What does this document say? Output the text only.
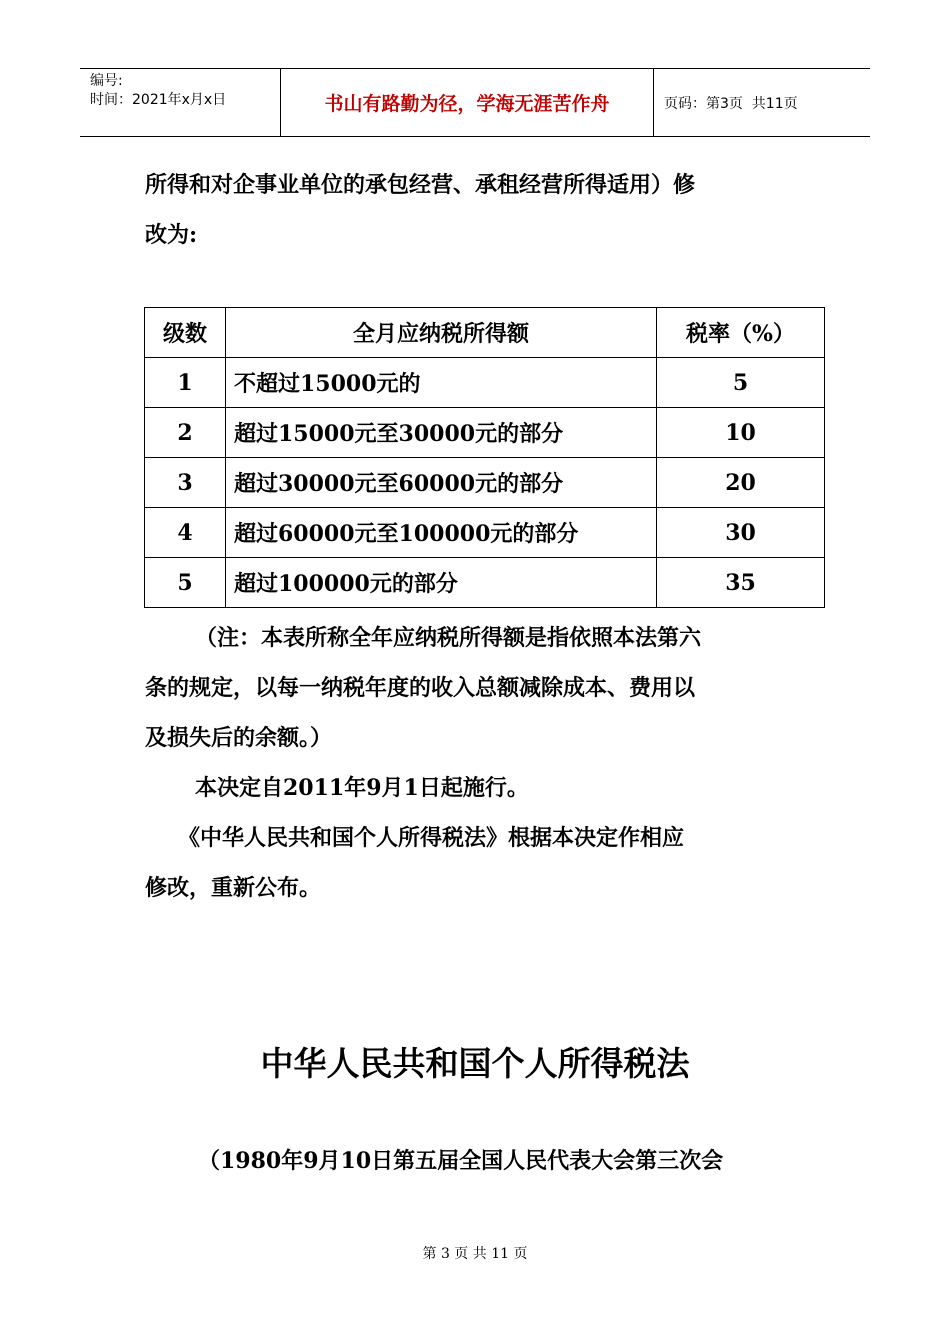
编号:
时间：2021年x月x日	书山有路勤为径，学海无涯苦作舟	页码：第3页  共11页

所得和对企事业单位的承包经营、承租经营所得适用）修

改为:

级数	全月应纳税所得额	税率（%）
1	不超过15000元的	5
2	超过15000元至30000元的部分	10
3	超过30000元至60000元的部分	20
4	超过60000元至100000元的部分	30
5	超过100000元的部分	35

（注：本表所称全年应纳税所得额是指依照本法第六

条的规定，以每一纳税年度的收入总额减除成本、费用以

及损失后的余额。）

本决定自2011年9月1日起施行。

《中华人民共和国个人所得税法》根据本决定作相应

修改，重新公布。

中华人民共和国个人所得税法

（1980年9月10日第五届全国人民代表大会第三次会

第 3 页 共 11 页
